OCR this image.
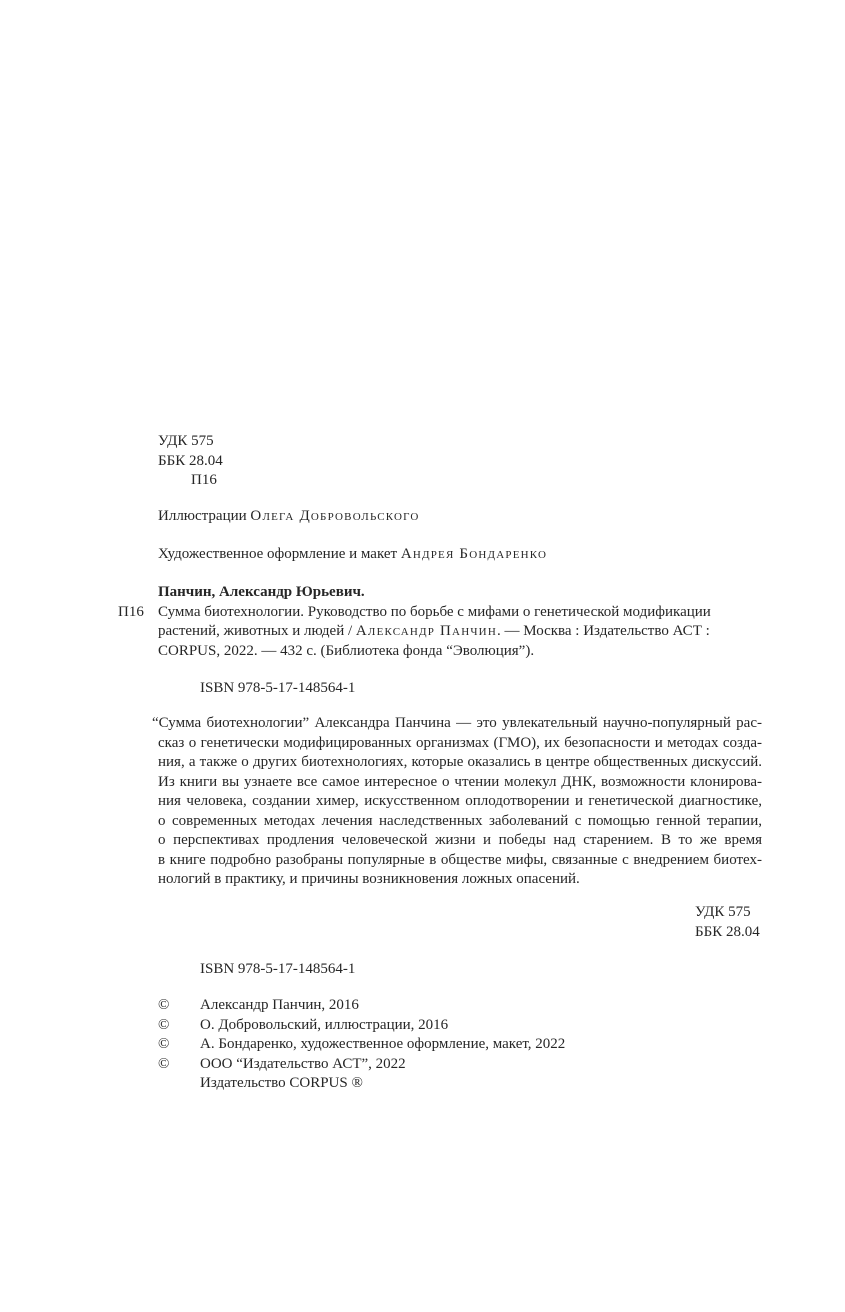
УДК 575
ББК 28.04
П16
Иллюстрации Олега Добровольского
Художественное оформление и макет Андрея Бондаренко
Панчин, Александр Юрьевич.
Сумма биотехнологии. Руководство по борьбе с мифами о генетической модификации
растений, животных и людей / Александр Панчин. — Москва : Издательство АСТ :
CORPUS, 2022. — 432 с. (Библиотека фонда “Эволюция”).
П16
ISBN 978-5-17-148564-1
“Сумма биотехнологии” Александра Панчина — это увлекательный научно-популярный рас-
сказ о генетически модифицированных организмах (ГМО), их безопасности и методах созда-
ния, а также о других биотехнологиях, которые оказались в центре общественных дискуссий.
Из книги вы узнаете все самое интересное о чтении молекул ДНК, возможности клонирова-
ния человека, создании химер, искусственном оплодотворении и генетической диагностике,
о современных методах лечения наследственных заболеваний с помощью генной терапии,
о перспективах продления человеческой жизни и победы над старением. В то же время
в книге подробно разобраны популярные в обществе мифы, связанные с внедрением биотех-
нологий в практику, и причины возникновения ложных опасений.
УДК 575
ББК 28.04
ISBN 978-5-17-148564-1
© Александр Панчин, 2016
© О. Добровольский, иллюстрации, 2016
© А. Бондаренко, художественное оформление, макет, 2022
© ООО “Издательство АСТ”, 2022
Издательство CORPUS ®
